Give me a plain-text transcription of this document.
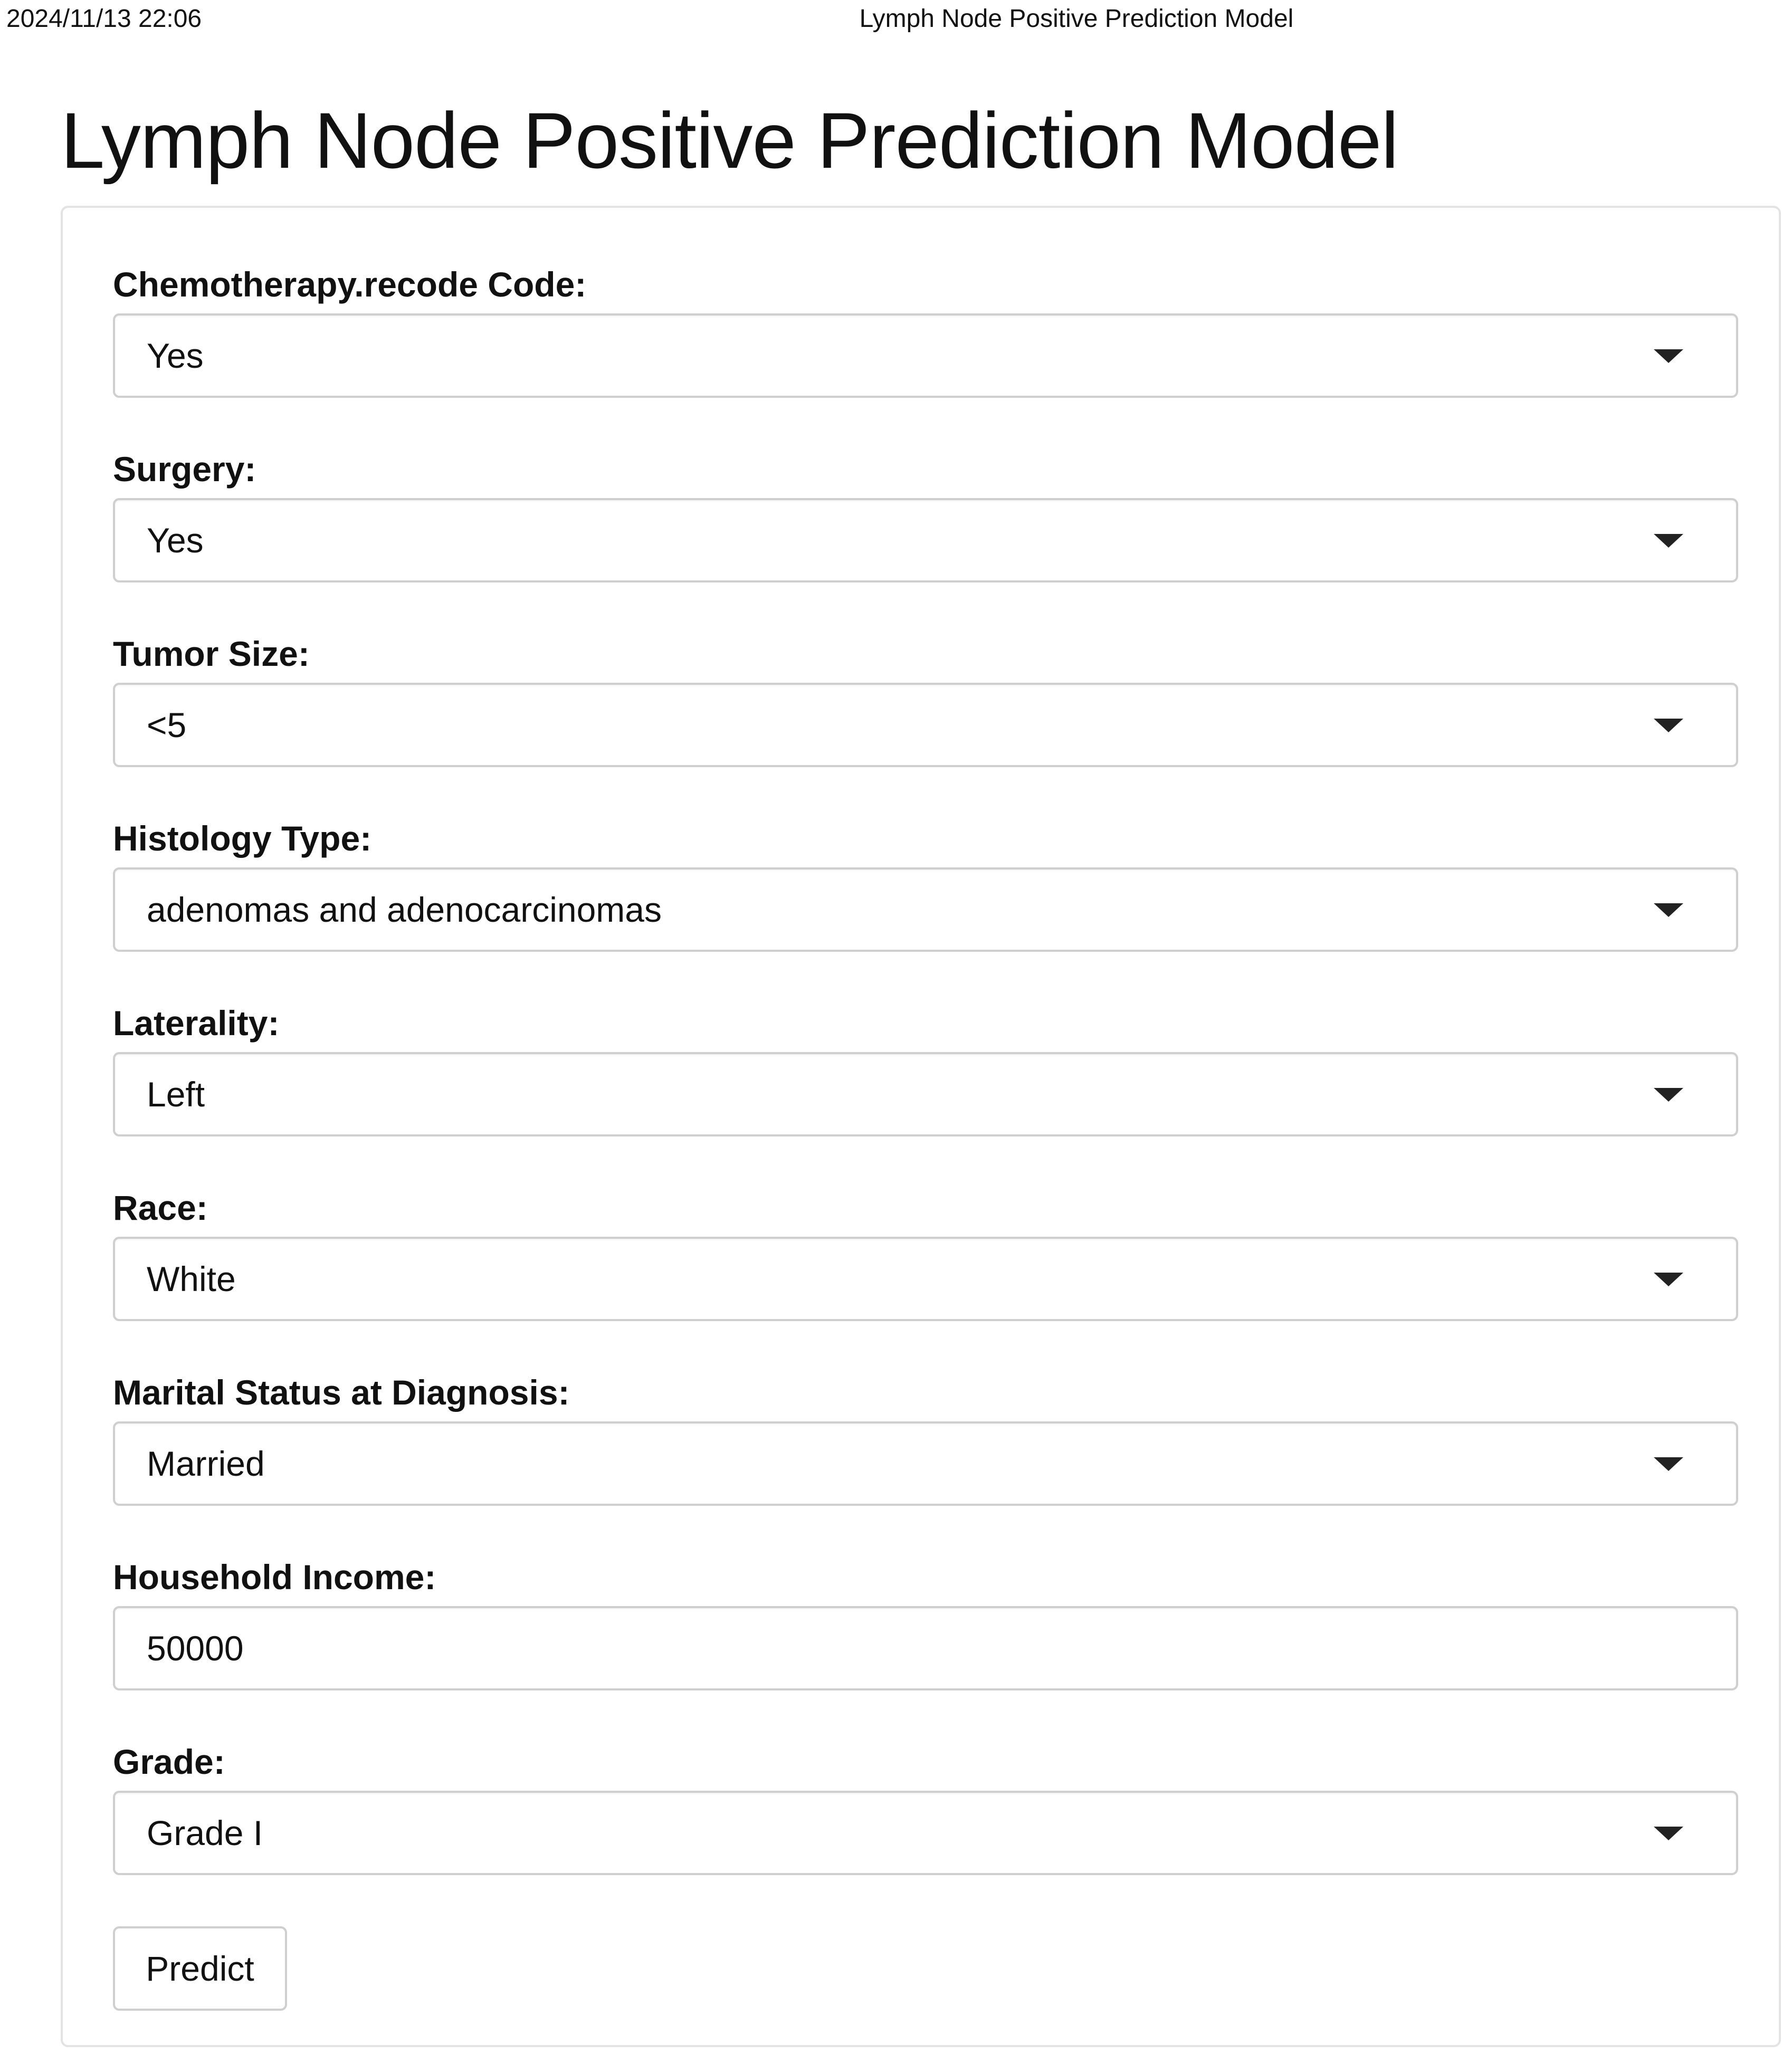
2024/11/13 22:06	Lymph Node Positive Prediction Model
Lymph Node Positive Prediction Model
Chemotherapy.recode Code:
Yes
Surgery:
Yes
Tumor Size:
<5
Histology Type:
adenomas and adenocarcinomas
Laterality:
Left
Race:
White
Marital Status at Diagnosis:
Married
Household Income:
50000
Grade:
Grade I
Predict
